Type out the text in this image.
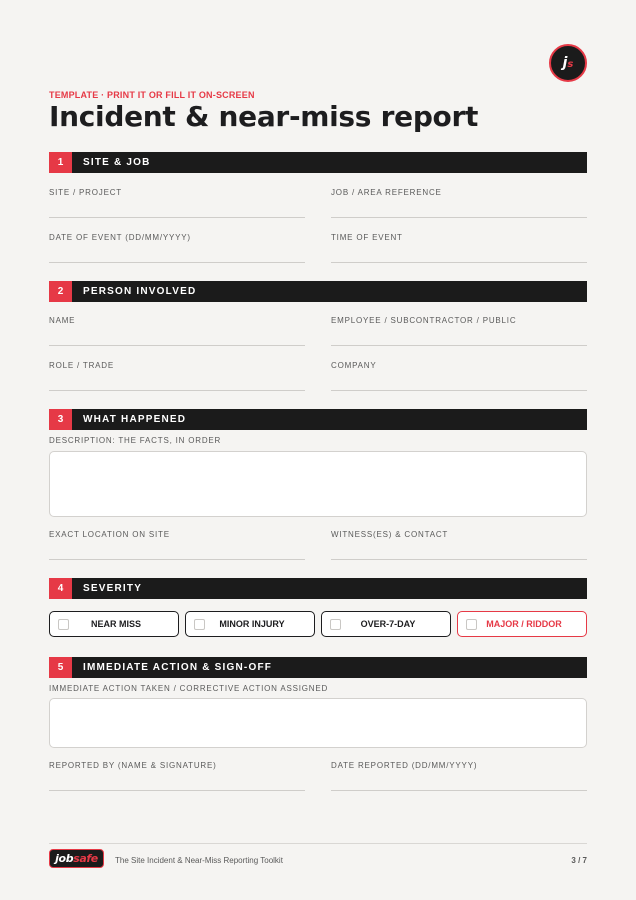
js
TEMPLATE · PRINT IT OR FILL IT ON-SCREEN
Incident & near-miss report
1	SITE & JOB
SITE / PROJECT	JOB / AREA REFERENCE
DATE OF EVENT (DD/MM/YYYY)	TIME OF EVENT
2	PERSON INVOLVED
NAME	EMPLOYEE / SUBCONTRACTOR / PUBLIC
ROLE / TRADE	COMPANY
3	WHAT HAPPENED
DESCRIPTION: THE FACTS, IN ORDER
EXACT LOCATION ON SITE	WITNESS(ES) & CONTACT
4	SEVERITY
NEAR MISS	MINOR INJURY	OVER-7-DAY	MAJOR / RIDDOR
5	IMMEDIATE ACTION & SIGN-OFF
IMMEDIATE ACTION TAKEN / CORRECTIVE ACTION ASSIGNED
REPORTED BY (NAME & SIGNATURE)	DATE REPORTED (DD/MM/YYYY)
job safe The Site Incident & Near-Miss Reporting Toolkit	3 / 7
